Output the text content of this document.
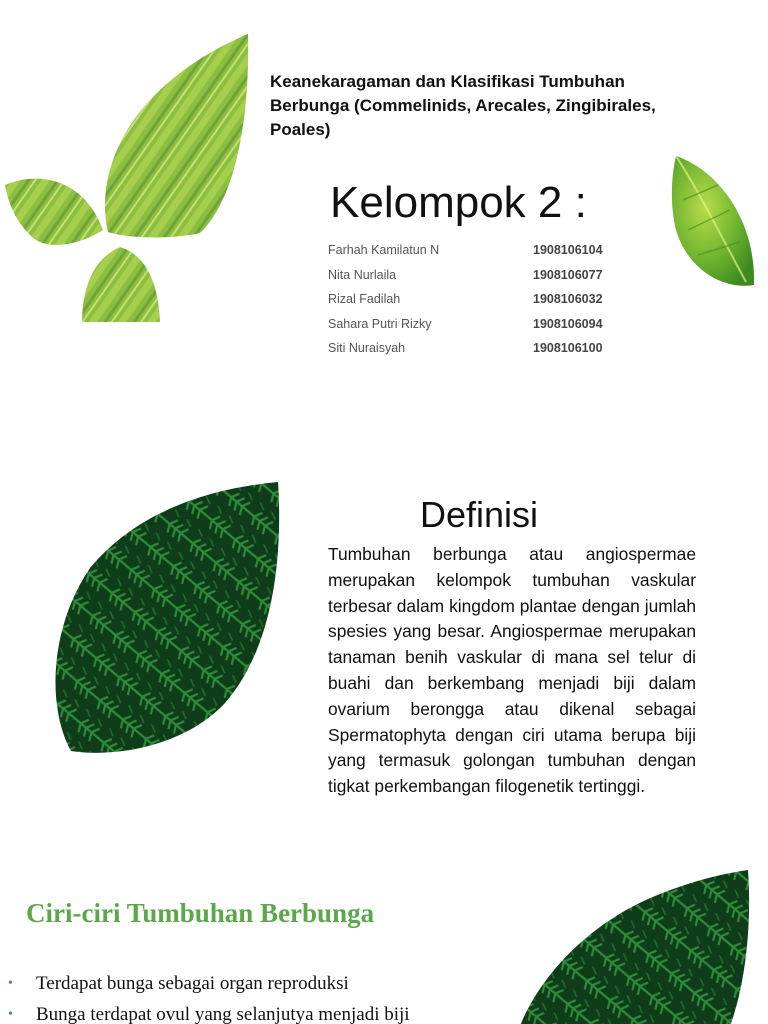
Keanekaragaman dan Klasifikasi Tumbuhan Berbunga (Commelinids, Arecales, Zingibirales, Poales)
Kelompok 2 :
Farhah Kamilatun N	1908106104
Nita Nurlaila	1908106077
Rizal Fadilah	1908106032
Sahara Putri Rizky	1908106094
Siti Nuraisyah	1908106100
Definisi

Tumbuhan berbunga atau angiospermae merupakan kelompok tumbuhan vaskular terbesar dalam kingdom plantae dengan jumlah spesies yang besar. Angiospermae merupakan tanaman benih vaskular di mana sel telur di buahi dan berkembang menjadi biji dalam ovarium berongga atau dikenal sebagai Spermatophyta dengan ciri utama berupa biji yang termasuk golongan tumbuhan dengan tigkat perkembangan filogenetik tertinggi.

Ciri-ciri Tumbuhan Berbunga
•	Terdapat bunga sebagai organ reproduksi
•	Bunga terdapat ovul yang selanjutya menjadi biji
